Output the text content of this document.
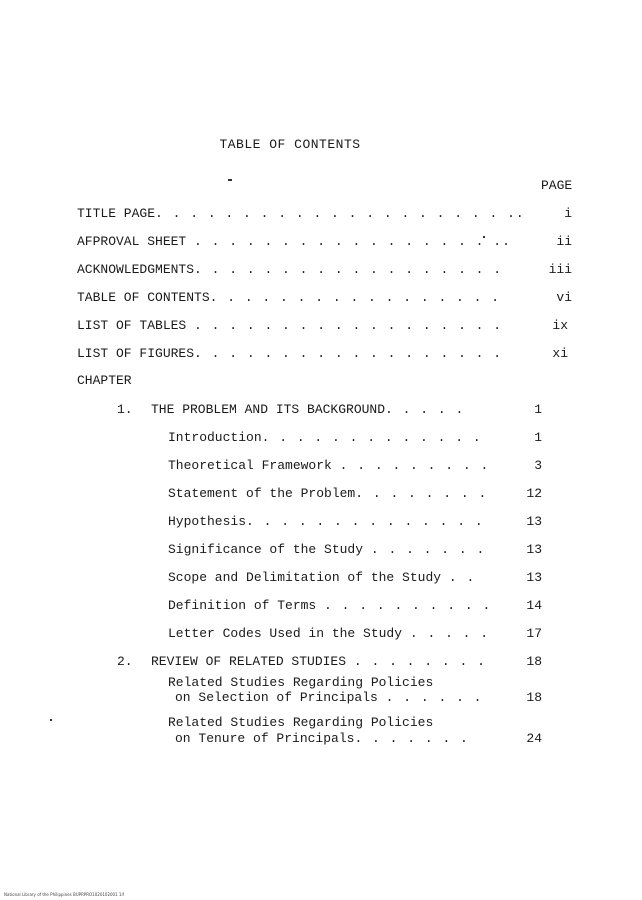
TABLE OF CONTENTS
PAGE
TITLE PAGE. . . . . . . . . . . . . . . . . . . . ..	i
AFPROVAL SHEET . . . . . . . . . . . . . . . . . ..	ii
ACKNOWLEDGMENTS. . . . . . . . . . . . . . . . . .	iii
TABLE OF CONTENTS. . . . . . . . . . . . . . . . .	vi
LIST OF TABLES . . . . . . . . . . . . . . . . . .	ix
LIST OF FIGURES. . . . . . . . . . . . . . . . . .	xi
CHAPTER
1. THE PROBLEM AND ITS BACKGROUND. . . . .	1
Introduction. . . . . . . . . . . . .	1
Theoretical Framework . . . . . . . . .	3
Statement of the Problem. . . . . . . .	12
Hypothesis. . . . . . . . . . . . . .	13
Significance of the Study . . . . . . .	13
Scope and Delimitation of the Study . .	13
Definition of Terms . . . . . . . . . .	14
Letter Codes Used in the Study . . . . .	17
2. REVIEW OF RELATED STUDIES . . . . . . . .	18
Related Studies Regarding Policies
on Selection of Principals . . . . . .	18
Related Studies Regarding Policies
on Tenure of Principals. . . . . . .	24
National Library of the Philippines BUPRPRO1020102001 1if
